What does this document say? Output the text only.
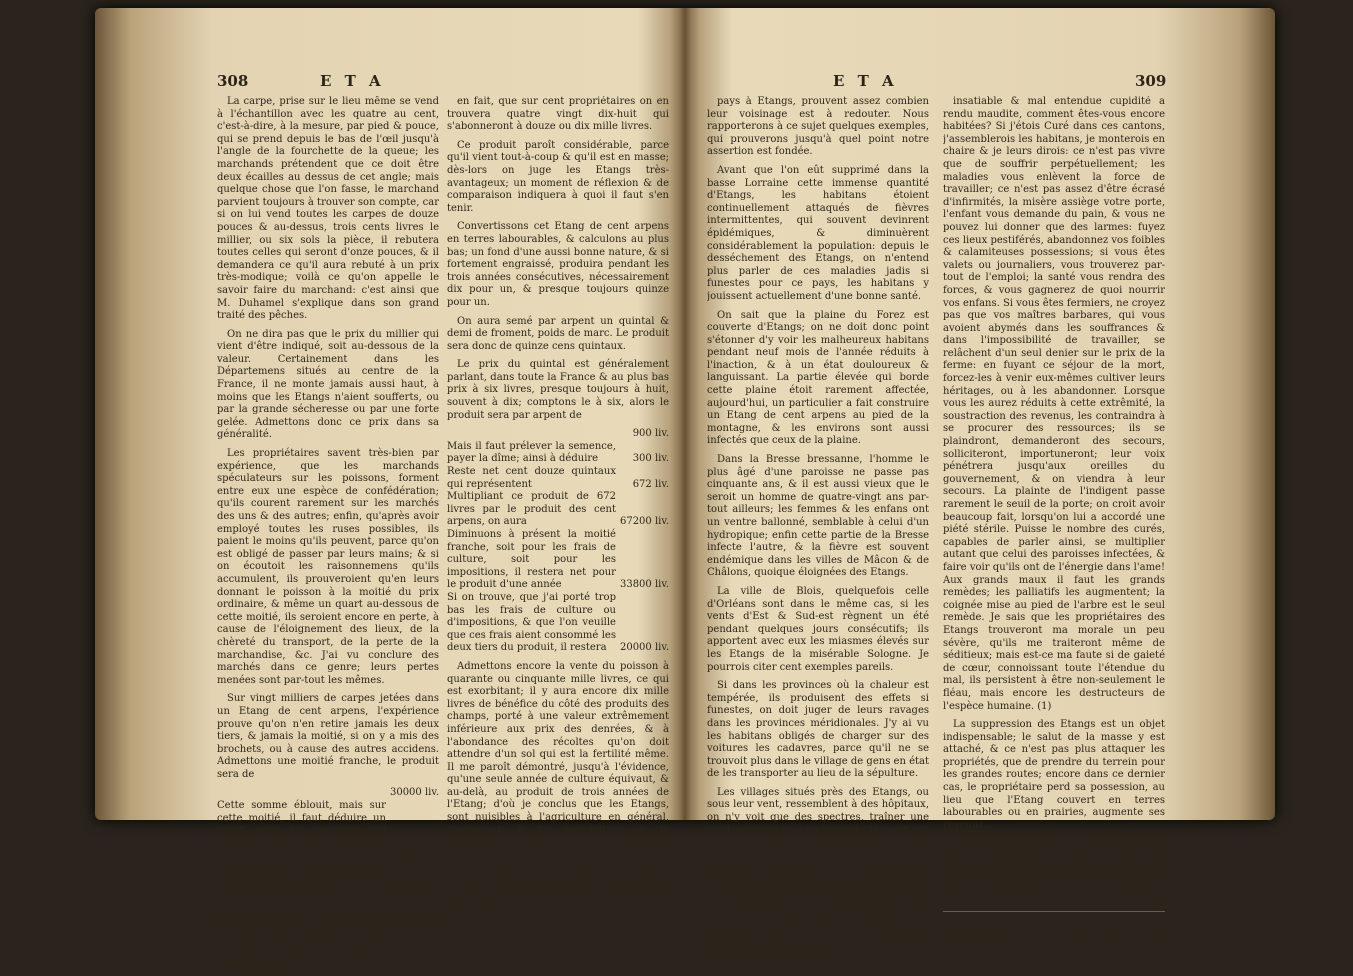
308	E T A

La carpe, prise sur le lieu même se vend à l'échantillon avec les quatre au cent, c'est-à-dire, à la mesure, par pied & pouce, qui se prend depuis le bas de l'œil jusqu'à l'angle de la fourchette de la queue; les marchands prétendent que ce doit être deux écailles au dessus de cet angle; mais quelque chose que l'on fasse, le marchand parvient toujours à trouver son compte, car si on lui vend toutes les carpes de douze pouces & au-dessus, trois cents livres le millier, ou six sols la pièce, il rebutera toutes celles qui seront d'onze pouces, & il demandera ce qu'il aura rebuté à un prix très-modique; voilà ce qu'on appelle le savoir faire du marchand: c'est ainsi que M. Duhamel s'explique dans son grand traité des pêches.

On ne dira pas que le prix du millier qui vient d'être indiqué, soit au-dessous de la valeur. Certainement dans les Départemens situés au centre de la France, il ne monte jamais aussi haut, à moins que les Etangs n'aient soufferts, ou par la grande sécheresse ou par une forte gelée. Admettons donc ce prix dans sa généralité.

Les propriétaires savent très-bien par expérience, que les marchands spéculateurs sur les poissons, forment entre eux une espèce de confédération; qu'ils courent rarement sur les marchés des uns & des autres; enfin, qu'après avoir employé toutes les ruses possibles, ils paient le moins qu'ils peuvent, parce qu'on est obligé de passer par leurs mains; & si on écoutoit les raisonnemens qu'ils accumulent, ils prouveroient qu'en leurs donnant le poisson à la moitié du prix ordinaire, & même un quart au-dessous de cette moitié, ils seroient encore en perte, à cause de l'éloignement des lieux, de la chèreté du transport, de la perte de la marchandise, &c. J'ai vu conclure des marchés dans ce genre; leurs pertes menées sont par-tout les mêmes.

Sur vingt milliers de carpes jetées dans un Etang de cent arpens, l'expérience prouve qu'on n'en retire jamais les deux tiers, & jamais la moitié, si on y a mis des brochets, ou à cause des autres accidens. Admettons une moitié franche, le produit sera de

	30000 liv.
Cette somme éblouit, mais sur cette moitié, il faut déduire un quart pour les poissons qui n'auront pas la grandeur requise, reste donc	25000 liv.
Admettons que l'autre quart sera vendu	5000 liv.
La somme totale sera de	20000 liv.

Je demande au propriétaire, s'il lui arrive souvent de retirer cette somme d'un Etang de cent arpens, même en ne comptant pas la mise première de l'alevinage ni ses intérêts? je mets

en fait, que sur cent propriétaires on en trouvera quatre vingt dix-huit qui s'abonneront à douze ou dix mille livres.

Ce produit paroît considérable, parce qu'il vient tout-à-coup & qu'il est en masse; dès-lors on juge les Etangs très-avantageux; un moment de réflexion & de comparaison indiquera à quoi il faut s'en tenir.

Convertissons cet Etang de cent arpens en terres labourables, & calculons au plus bas; un fond d'une aussi bonne nature, & si fortement engraissé, produira pendant les trois années consécutives, nécessairement dix pour un, & presque toujours quinze pour un.

On aura semé par arpent un quintal & demi de froment, poids de marc. Le produit sera donc de quinze cens quintaux.

Le prix du quintal est généralement parlant, dans toute la France & au plus bas prix à six livres, presque toujours à huit, souvent à dix; comptons le à six, alors le produit sera par arpent de

	900 liv.
Mais il faut prélever la semence, payer la dîme; ainsi à déduire	300 liv.
Reste net cent douze quintaux qui représentent	672 liv.
Multipliant ce produit de 672 livres par le produit des cent arpens, on aura	67200 liv.
Diminuons à présent la moitié franche, soit pour les frais de culture, soit pour les impositions, il restera net pour le produit d'une année	33800 liv.
Si on trouve, que j'ai porté trop bas les frais de culture ou d'impositions, & que l'on veuille que ces frais aient consommé les deux tiers du produit, il restera	20000 liv.

Admettons encore la vente du poisson à quarante ou cinquante mille livres, ce qui est exorbitant; il y aura encore dix mille livres de bénéfice du côté des produits des champs, porté à une valeur extrêmement inférieure aux prix des denrées, & à l'abondance des récoltes qu'on doit attendre d'un sol qui est la fertilité même. Il me paroît démontré, jusqu'à l'évidence, qu'une seule année de culture équivaut, & au-delà, au produit de trois années de l'Etang; d'où je conclus que les Etangs, sont nuisibles à l'agriculture en général, s'opposent à la population, à la multiplication des bestiaux & sont préjudiciables aux propriétaires.

De l'influence des Etangs sur la santé.

Les maladies endémiques qui règnent dans les

E T A	309

pays à Etangs, prouvent assez combien leur voisinage est à redouter. Nous rapporterons à ce sujet quelques exemples, qui prouverons jusqu'à quel point notre assertion est fondée.

Avant que l'on eût supprimé dans la basse Lorraine cette immense quantité d'Etangs, les habitans étoient continuellement attaqués de fièvres intermittentes, qui souvent devinrent épidémiques, & diminuèrent considérablement la population: depuis le desséchement des Etangs, on n'entend plus parler de ces maladies jadis si funestes pour ce pays, les habitans y jouissent actuellement d'une bonne santé.

On sait que la plaine du Forez est couverte d'Etangs; on ne doit donc point s'étonner d'y voir les malheureux habitans pendant neuf mois de l'année réduits à l'inaction, & à un état douloureux & languissant. La partie élevée qui borde cette plaine étoit rarement affectée, aujourd'hui, un particulier a fait construire un Etang de cent arpens au pied de la montagne, & les environs sont aussi infectés que ceux de la plaine.

Dans la Bresse bressanne, l'homme le plus âgé d'une paroisse ne passe pas cinquante ans, & il est aussi vieux que le seroit un homme de quatre-vingt ans par-tout ailleurs; les femmes & les enfans ont un ventre ballonné, semblable à celui d'un hydropique; enfin cette partie de la Bresse infecte l'autre, & la fièvre est souvent endémique dans les villes de Mâcon & de Châlons, quoique éloignées des Etangs.

La ville de Blois, quelquefois celle d'Orléans sont dans le même cas, si les vents d'Est & Sud-est règnent un été pendant quelques jours consécutifs; ils apportent avec eux les miasmes élevés sur les Etangs de la misérable Sologne. Je pourrois citer cent exemples pareils.

Si dans les provinces où la chaleur est tempérée, ils produisent des effets si funestes, on doit juger de leurs ravages dans les provinces méridionales. J'y ai vu les habitans obligés de charger sur des voitures les cadavres, parce qu'il ne se trouvoit plus dans le village de gens en état de les transporter au lieu de la sépulture.

Les villages situés près des Etangs, ou sous leur vent, ressemblent à des hôpitaux, on n'y voit que des spectres, traîner une vie languissante; la pâleur de la mort est sur leur visage, & le principe de la mort circule avec leur sang; on prodigue vainement les remèdes à ces malheureux, ils épuisent le reste de leurs forces & anéantissent leur petite fortune: tant que le foyer du mal existe, le remède est plus dangereux qu'utile. Pour y employer les remèdes avec succès, il faut attendre le retour de l'automne ou de l'hiver. Terre infortunée! terre qu'une

insatiable & mal entendue cupidité a rendu maudite, comment êtes-vous encore habitées? Si j'étois Curé dans ces cantons, j'assemblerois les habitans, je monterois en chaire & je leurs dirois: ce n'est pas vivre que de souffrir perpétuellement; les maladies vous enlèvent la force de travailler; ce n'est pas assez d'être écrasé d'infirmités, la misère assiège votre porte, l'enfant vous demande du pain, & vous ne pouvez lui donner que des larmes: fuyez ces lieux pestiférés, abandonnez vos foibles & calamiteuses possessions; si vous êtes valets ou journaliers, vous trouverez par-tout de l'emploi; la santé vous rendra des forces, & vous gagnerez de quoi nourrir vos enfans. Si vous êtes fermiers, ne croyez pas que vos maîtres barbares, qui vous avoient abymés dans les souffrances & dans l'impossibilité de travailler, se relâchent d'un seul denier sur le prix de la ferme: en fuyant ce séjour de la mort, forcez-les à venir eux-mêmes cultiver leurs héritages, ou à les abandonner. Lorsque vous les aurez réduits à cette extrêmité, la soustraction des revenus, les contraindra à se procurer des ressources; ils se plaindront, demanderont des secours, solliciteront, importuneront; leur voix pénétrera jusqu'aux oreilles du gouvernement, & on viendra à leur secours. La plainte de l'indigent passe rarement le seuil de la porte; on croit avoir beaucoup fait, lorsqu'on lui a accordé une piété stérile. Puisse le nombre des curés, capables de parler ainsi, se multiplier autant que celui des paroisses infectées, & faire voir qu'ils ont de l'énergie dans l'ame! Aux grands maux il faut les grands remèdes; les palliatifs les augmentent; la coignée mise au pied de l'arbre est le seul remède. Je sais que les propriétaires des Etangs trouveront ma morale un peu sévère, qu'ils me traiteront même de séditieux; mais est-ce ma faute si de gaieté de cœur, connoissant toute l'étendue du mal, ils persistent à être non-seulement le fléau, mais encore les destructeurs de l'espèce humaine. (1)

La suppression des Etangs est un objet indispensable; le salut de la masse y est attaché, & ce n'est pas plus attaquer les propriétés, que de prendre du terrein pour les grandes routes; encore dans ce dernier cas, le propriétaire perd sa possession, au lieu que l'Etang couvert en terres labourables ou en prairies, augmente ses revenus.

Si les communautés ne suivent pas les sages conseils que je suppose donnés par le curé, elles doivent s'assembler, constater par des procès verbaux bien en règle: 1.° le nombre des ha-

(1) Ceci est écrit en 1779; depuis cette époque les vœux de notre Auteur s'approchent de leur accomplissement.
